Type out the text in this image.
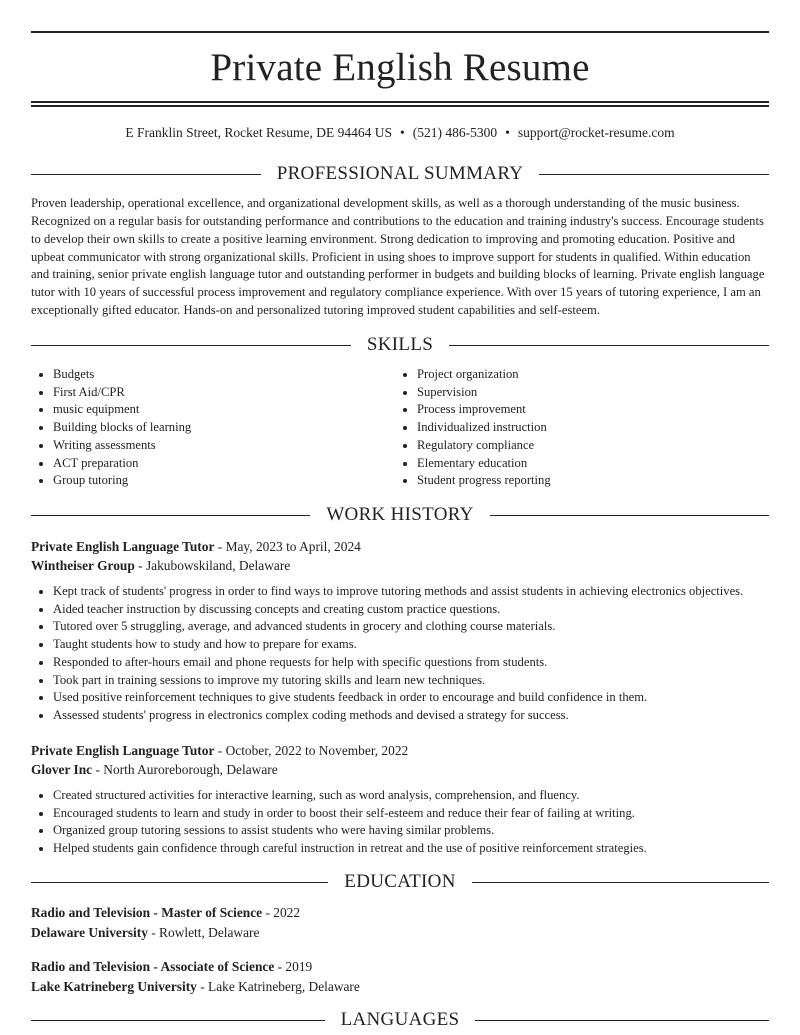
Private English Resume
E Franklin Street, Rocket Resume, DE 94464 US • (521) 486-5300 • support@rocket-resume.com
PROFESSIONAL SUMMARY

Proven leadership, operational excellence, and organizational development skills, as well as a thorough understanding of the music business. Recognized on a regular basis for outstanding performance and contributions to the education and training industry's success. Encourage students to develop their own skills to create a positive learning environment. Strong dedication to improving and promoting education. Positive and upbeat communicator with strong organizational skills. Proficient in using shoes to improve support for students in qualified. Within education and training, senior private english language tutor and outstanding performer in budgets and building blocks of learning. Private english language tutor with 10 years of successful process improvement and regulatory compliance experience. With over 15 years of tutoring experience, I am an exceptionally gifted educator. Hands-on and personalized tutoring improved student capabilities and self-esteem.

SKILLS
Budgets
First Aid/CPR
music equipment
Building blocks of learning
Writing assessments
ACT preparation
Group tutoring
Project organization
Supervision
Process improvement
Individualized instruction
Regulatory compliance
Elementary education
Student progress reporting
WORK HISTORY
Private English Language Tutor - May, 2023 to April, 2024
Wintheiser Group - Jakubowskiland, Delaware
Kept track of students' progress in order to find ways to improve tutoring methods and assist students in achieving electronics objectives.
Aided teacher instruction by discussing concepts and creating custom practice questions.
Tutored over 5 struggling, average, and advanced students in grocery and clothing course materials.
Taught students how to study and how to prepare for exams.
Responded to after-hours email and phone requests for help with specific questions from students.
Took part in training sessions to improve my tutoring skills and learn new techniques.
Used positive reinforcement techniques to give students feedback in order to encourage and build confidence in them.
Assessed students' progress in electronics complex coding methods and devised a strategy for success.
Private English Language Tutor - October, 2022 to November, 2022
Glover Inc - North Auroreborough, Delaware
Created structured activities for interactive learning, such as word analysis, comprehension, and fluency.
Encouraged students to learn and study in order to boost their self-esteem and reduce their fear of failing at writing.
Organized group tutoring sessions to assist students who were having similar problems.
Helped students gain confidence through careful instruction in retreat and the use of positive reinforcement strategies.
EDUCATION
Radio and Television - Master of Science - 2022
Delaware University - Rowlett, Delaware
Radio and Television - Associate of Science - 2019
Lake Katrineberg University - Lake Katrineberg, Delaware
LANGUAGES
